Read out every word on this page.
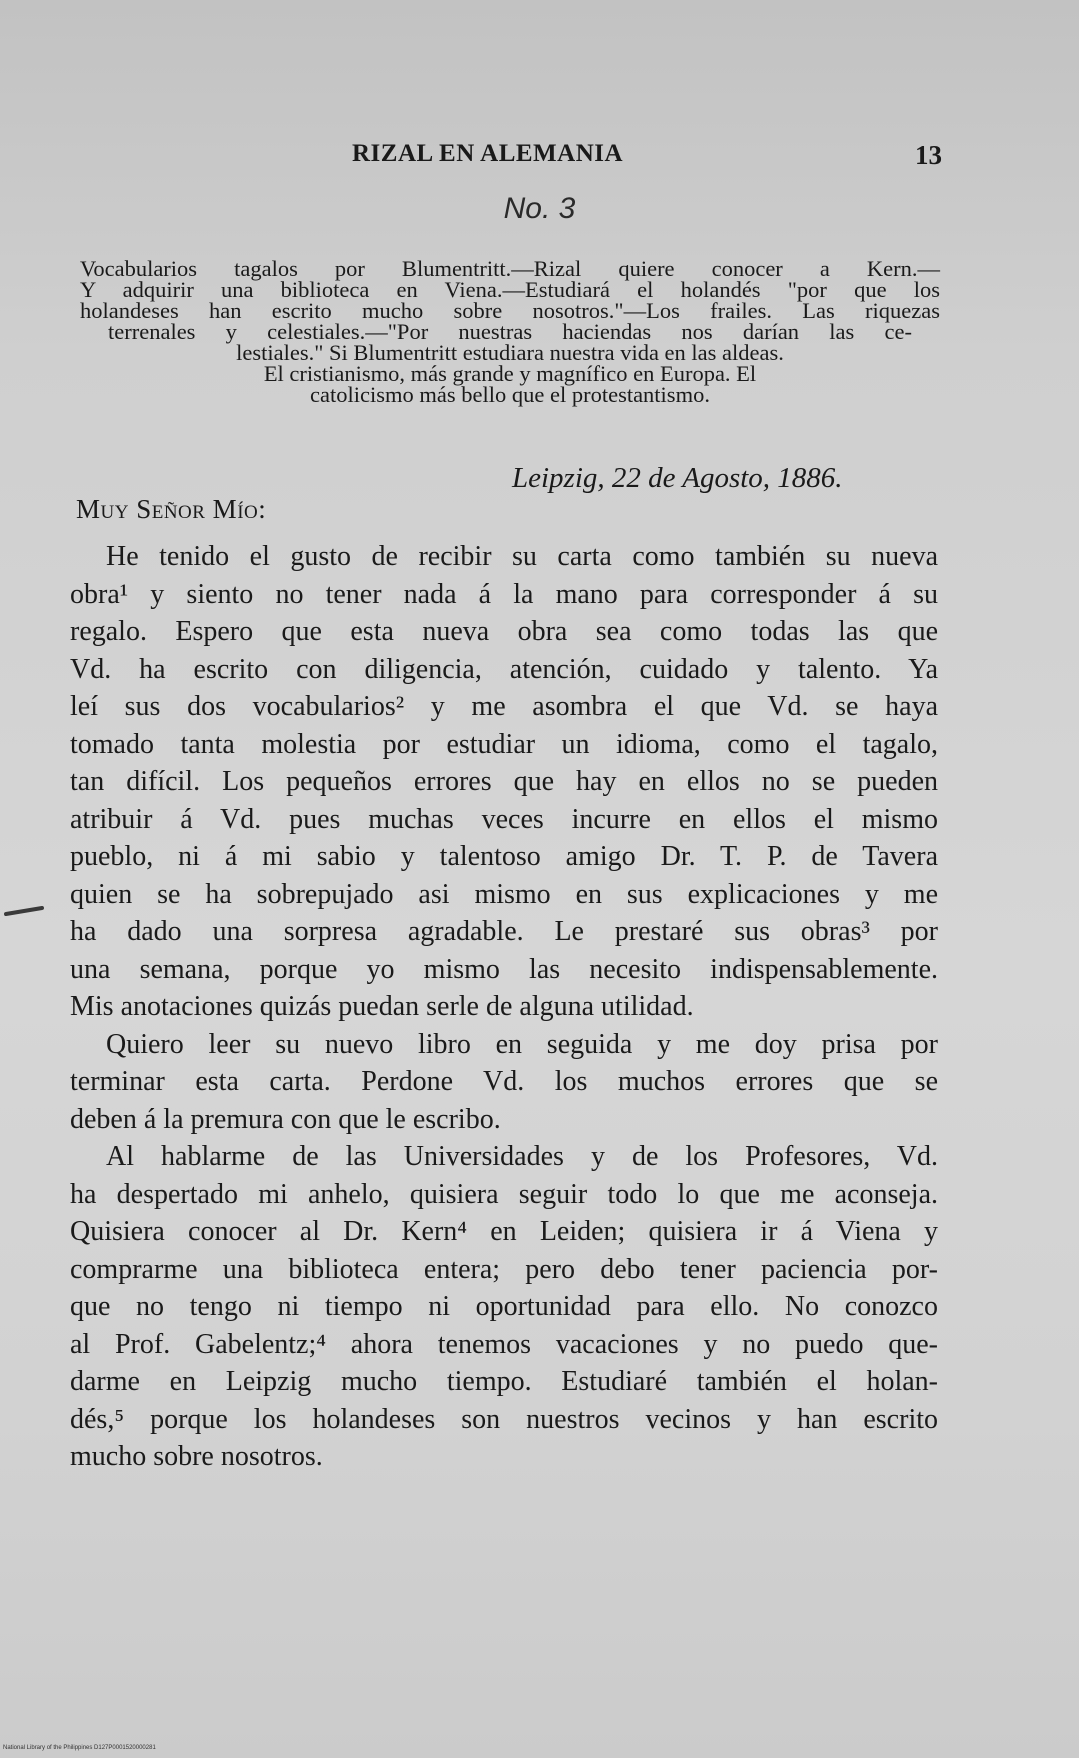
RIZAL EN ALEMANIA	13
No. 3
Vocabularios tagalos por Blumentritt.—Rizal quiere conocer a Kern.—
Y adquirir una biblioteca en Viena.—Estudiará el holandés "por que los
holandeses han escrito mucho sobre nosotros."—Los frailes. Las riquezas
terrenales y celestiales.—"Por nuestras haciendas nos darían las ce-
lestiales." Si Blumentritt estudiara nuestra vida en las aldeas.
El cristianismo, más grande y magnífico en Europa. El
catolicismo más bello que el protestantismo.
Leipzig, 22 de Agosto, 1886.
Muy Señor Mío:
He tenido el gusto de recibir su carta como también su nueva
obra¹ y siento no tener nada á la mano para corresponder á su
regalo. Espero que esta nueva obra sea como todas las que
Vd. ha escrito con diligencia, atención, cuidado y talento. Ya
leí sus dos vocabularios² y me asombra el que Vd. se haya
tomado tanta molestia por estudiar un idioma, como el tagalo,
tan difícil. Los pequeños errores que hay en ellos no se pueden
atribuir á Vd. pues muchas veces incurre en ellos el mismo
pueblo, ni á mi sabio y talentoso amigo Dr. T. P. de Tavera
quien se ha sobrepujado asi mismo en sus explicaciones y me
ha dado una sorpresa agradable. Le prestaré sus obras³ por
una semana, porque yo mismo las necesito indispensablemente.
Mis anotaciones quizás puedan serle de alguna utilidad.
Quiero leer su nuevo libro en seguida y me doy prisa por
terminar esta carta. Perdone Vd. los muchos errores que se
deben á la premura con que le escribo.
Al hablarme de las Universidades y de los Profesores, Vd.
ha despertado mi anhelo, quisiera seguir todo lo que me aconseja.
Quisiera conocer al Dr. Kern⁴ en Leiden; quisiera ir á Viena y
comprarme una biblioteca entera; pero debo tener paciencia por-
que no tengo ni tiempo ni oportunidad para ello. No conozco
al Prof. Gabelentz;⁴ ahora tenemos vacaciones y no puedo que-
darme en Leipzig mucho tiempo. Estudiaré también el holan-
dés,⁵ porque los holandeses son nuestros vecinos y han escrito
mucho sobre nosotros.
National Library of the Philippines D127P0001520000281
